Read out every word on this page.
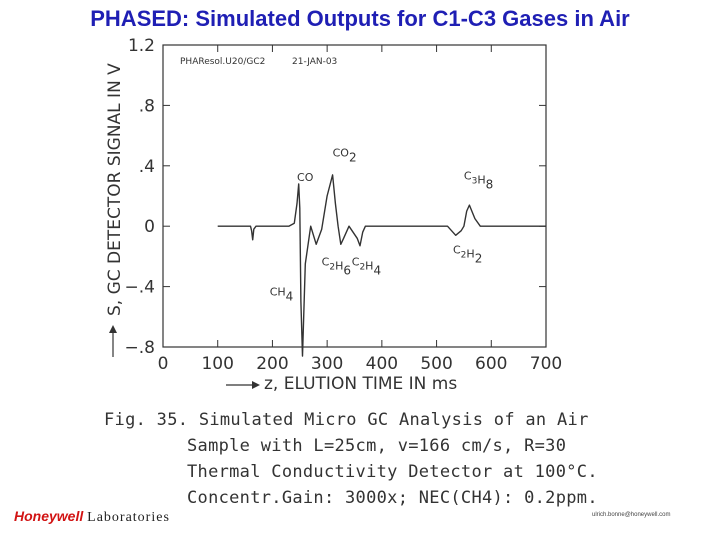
PHASED: Simulated Outputs for C1-C3 Gases in Air
0 100 200 300 400 500 600 700
−.8
−.4
0
.4
.8
1.2
CO
CO2
$C_3H8$
$C_2H2$
$C_2H6$
$C_2H4$
CH4
PHAResol.U20/GC2	21-JAN-03
z, ELUTION TIME IN ms
S, GC DETECTOR SIGNAL IN V
Fig. 35. Simulated Micro GC Analysis of an Air
Sample with L=25cm, v=166 cm/s, R=30
Thermal Conductivity Detector at 100°C.
Concentr.Gain: 3000x; NEC(CH4): 0.2ppm.
Honeywell Laboratories	ulrich.bonne@honeywell.com
